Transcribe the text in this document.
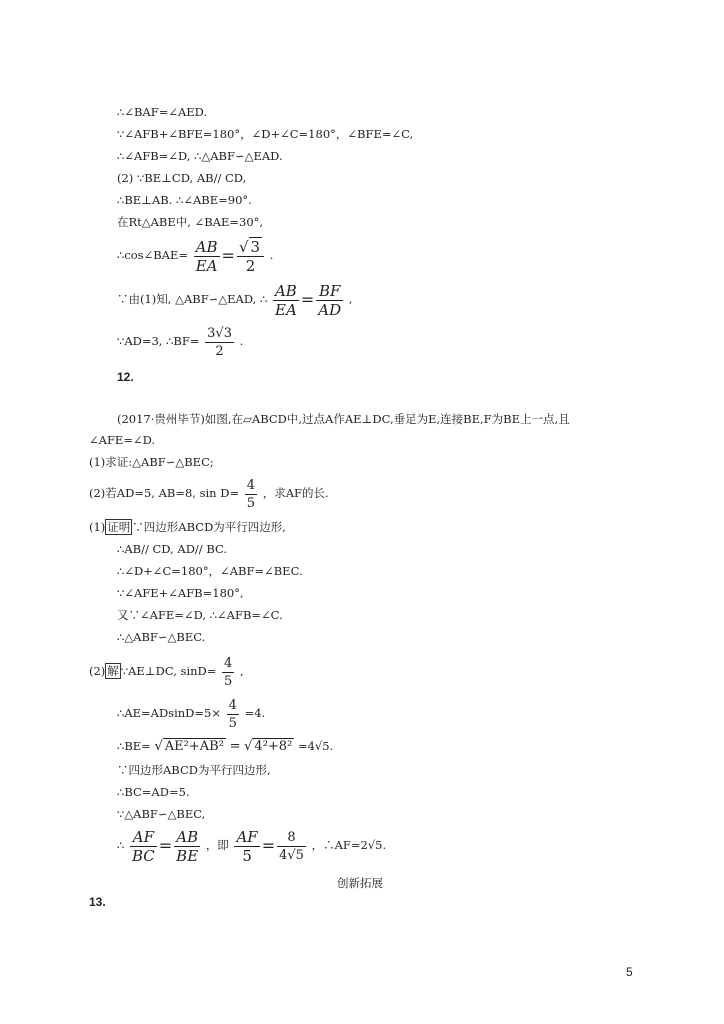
∴∠BAF=∠AED.
∵∠AFB+∠BFE=180°，∠D+∠C=180°，∠BFE=∠C,
∴∠AFB=∠D, ∴△ABF∽△EAD.
(2) ∵BE⊥CD, AB// CD,
∴BE⊥AB. ∴∠ABE=90°.
在Rt△ABE中, ∠BAE=30°,
∴cos∠BAE= $\frac{AB}{EA} = \frac{√ 3}{2}$ .
∵由(1)知, △ABF∽△EAD, ∴ $\frac{AB}{EA} = \frac{BF}{AD}$ ,
∵AD=3, ∴BF= $\frac{3√3}{2}$ .
12.
(2017·贵州毕节)如图,在▱ABCD中,过点A作AE⊥DC,垂足为E,连接BE,F为BE上一点,且
∠AFE=∠D.
(1)求证:△ABF∽△BEC;
(2)若AD=5, AB=8, $\sin D= \frac{4}{5}$ ，求AF的长.
(1) 证明 ∵四边形ABCD为平行四边形,
∴AB// CD, AD// BC.
∴∠D+∠C=180°，∠ABF=∠BEC.
∵∠AFE+∠AFB=180°,
又∵∠AFE=∠D, ∴∠AFB=∠C.
∴△ABF∽△BEC.
(2) 解 ∵AE⊥DC, $\sin D= \frac{4}{5}$ ,
∴AE=ADsinD=5× $\frac{4}{5} =4$.
∴BE= √ AE²+AB² = √ 4²+8² =4√5.
∵四边形ABCD为平行四边形,
∴BC=AD=5.
∵△ABF∽△BEC,
∴ $\frac{AF}{BC} = \frac{AB}{BE}$ ，即 $\frac{AF}{5} = \frac{8}{4√5}$ ，∴AF=2√5.
创新拓展
13.
5
